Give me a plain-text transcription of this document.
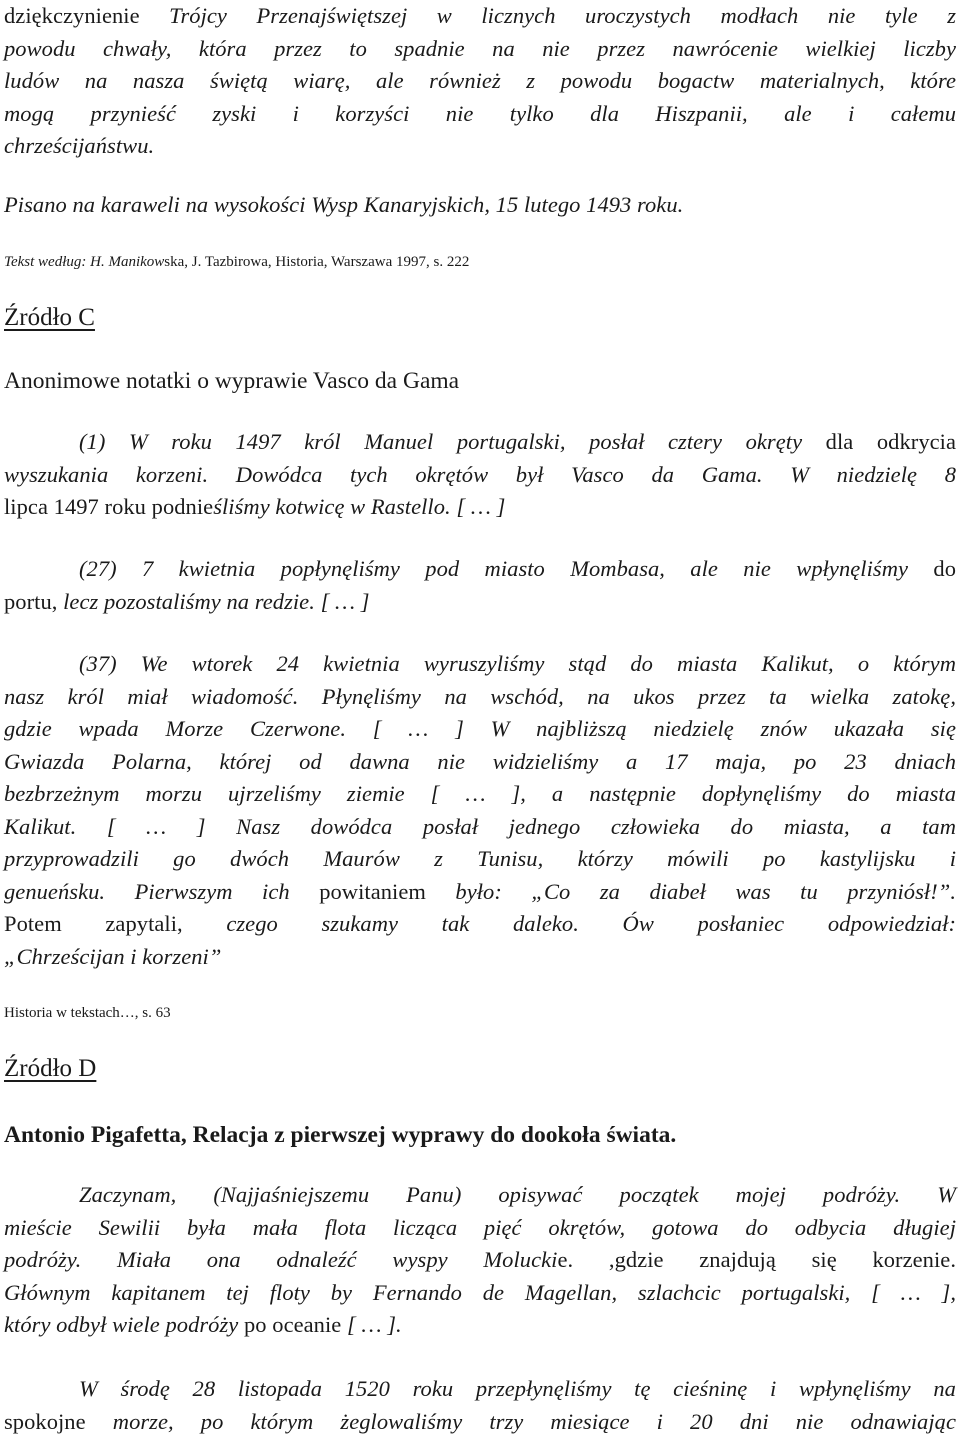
dziękczynienie Trójcy Przenajświętszej w licznych uroczystych modłach nie tyle z
powodu chwały, która przez to spadnie na nie przez nawrócenie wielkiej liczby
ludów na nasza świętą wiarę, ale również z powodu bogactw materialnych, które
mogą przynieść zyski i korzyści nie tylko dla Hiszpanii, ale i całemu
chrześcijaństwu.
Pisano na karaweli na wysokości Wysp Kanaryjskich, 15 lutego 1493 roku.
Tekst według: H. Manikowska, J. Tazbirowa, Historia, Warszawa 1997, s. 222
Źródło C
Anonimowe notatki o wyprawie Vasco da Gama
(1) W roku 1497 król Manuel portugalski, posłał cztery okręty dla odkrycia
wyszukania korzeni. Dowódca tych okrętów był Vasco da Gama. W niedzielę 8
lipca 1497 roku podnieśliśmy kotwicę w Rastello. [ … ]
(27) 7 kwietnia popłynęliśmy pod miasto Mombasa, ale nie wpłynęliśmy do
portu, lecz pozostaliśmy na redzie. [ … ]
(37) We wtorek 24 kwietnia wyruszyliśmy stąd do miasta Kalikut, o którym
nasz król miał wiadomość. Płynęliśmy na wschód, na ukos przez ta wielka zatokę,
gdzie wpada Morze Czerwone. [ … ] W najbliższą niedzielę znów ukazała się
Gwiazda Polarna, której od dawna nie widzieliśmy a 17 maja, po 23 dniach
bezbrzeżnym morzu ujrzeliśmy ziemie [ … ], a następnie dopłynęliśmy do miasta
Kalikut. [ … ] Nasz dowódca posłał jednego człowieka do miasta, a tam
przyprowadzili go dwóch Maurów z Tunisu, którzy mówili po kastylijsku i
genueńsku. Pierwszym ich powitaniem było: „Co za diabeł was tu przyniósł!”.
Potem zapytali, czego szukamy tak daleko. Ów posłaniec odpowiedział:
„Chrześcijan i korzeni”
Historia w tekstach…, s. 63
Źródło D
Antonio Pigafetta, Relacja z pierwszej wyprawy do dookoła świata.
Zaczynam, (Najjaśniejszemu Panu) opisywać początek mojej podróży. W
mieście Sewilii była mała flota licząca pięć okrętów, gotowa do odbycia długiej
podróży. Miała ona odnaleźć wyspy Moluckie. ,gdzie znajdują się korzenie.
Głównym kapitanem tej floty by Fernando de Magellan, szlachcic portugalski, [ … ],
który odbył wiele podróży po oceanie [ … ].
W środę 28 listopada 1520 roku przepłynęliśmy tę cieśninę i wpłynęliśmy na
spokojne morze, po którym żeglowaliśmy trzy miesiące i 20 dni nie odnawiając
